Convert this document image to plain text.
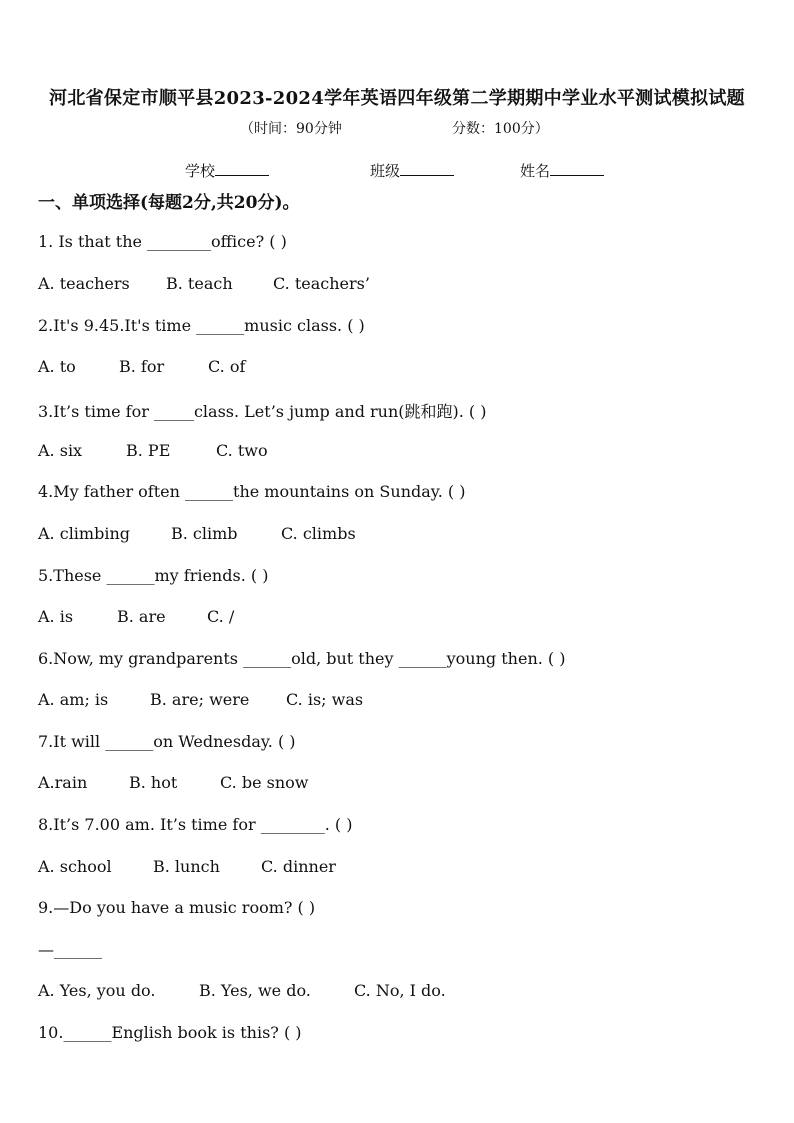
河北省保定市顺平县2023-2024学年英语四年级第二学期期中学业水平测试模拟试题
（时间：90分钟	分数：100分）
学校	班级	姓名
一、单项选择(每题2分,共20分)。
1. Is that the ________office? ( )
A. teachers B. teach	C. teachers’
2.It's 9.45.It's time ______music class. ( )
A. to	B. for	C. of
3.It’s time for _____class. Let’s jump and run(跳和跑). ( )
A. six	B. PE	C. two
4.My father often ______the mountains on Sunday. ( )
A. climbing	B. climb	C. climbs
5.These ______my friends. ( )
A. is	B. are	C. /
6.Now, my grandparents ______old, but they ______young then. ( )
A. am; is	B. are; were C. is; was
7.It will ______on Wednesday. ( )
A.rain	B. hot	C. be snow
8.It’s 7.00 am. It’s time for ________. ( )
A. school	B. lunch	C. dinner
9.—Do you have a music room? ( )
—______
A. Yes, you do.	B. Yes, we do.	C. No, I do.
10.______English book is this? ( )
